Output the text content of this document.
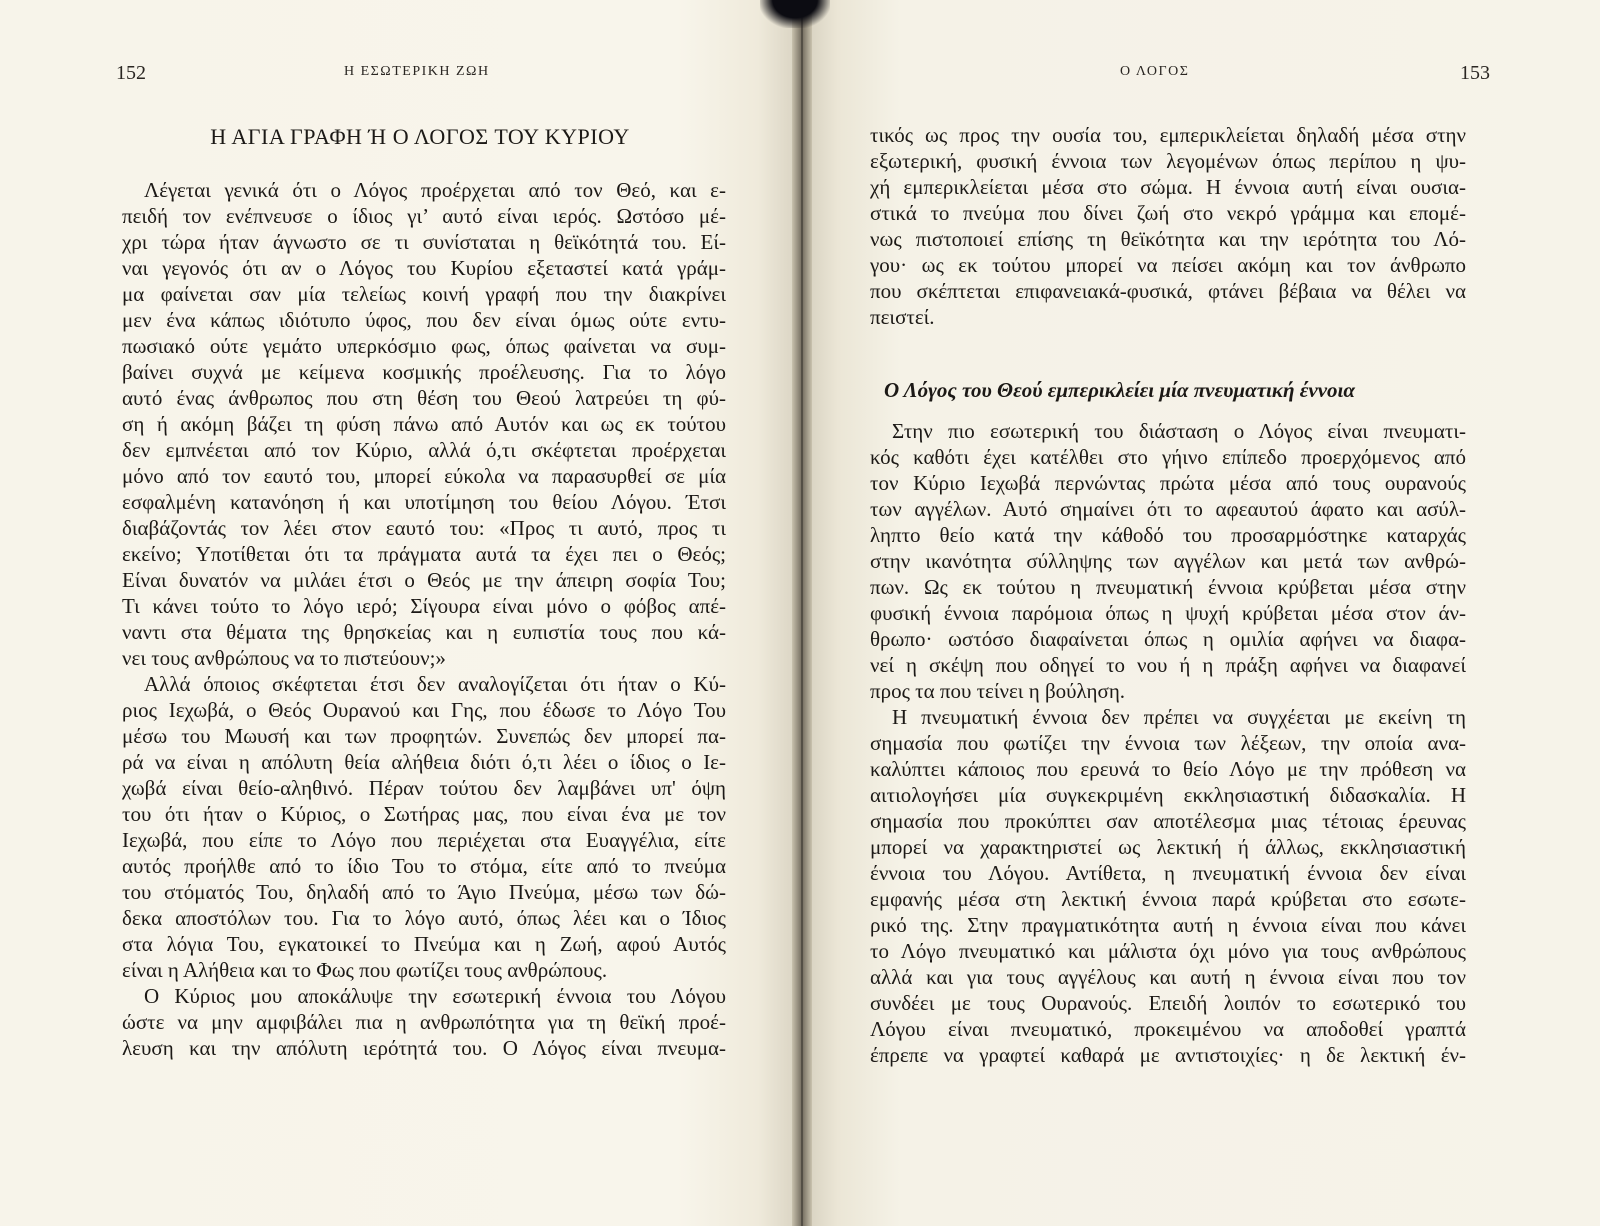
152	Η ΕΣΩΤΕΡΙΚΗ ΖΩΗ
Η ΑΓΙΑ ΓΡΑΦΗ Ή Ο ΛΟΓΟΣ ΤΟΥ ΚΥΡΙΟΥ
Λέγεται γενικά ότι ο Λόγος προέρχεται από τον Θεό, και ε-
πειδή τον ενέπνευσε ο ίδιος γι’ αυτό είναι ιερός. Ωστόσο μέ-
χρι τώρα ήταν άγνωστο σε τι συνίσταται η θεϊκότητά του. Εί-
ναι γεγονός ότι αν ο Λόγος του Κυρίου εξεταστεί κατά γράμ-
μα φαίνεται σαν μία τελείως κοινή γραφή που την διακρίνει
μεν ένα κάπως ιδιότυπο ύφος, που δεν είναι όμως ούτε εντυ-
πωσιακό ούτε γεμάτο υπερκόσμιο φως, όπως φαίνεται να συμ-
βαίνει συχνά με κείμενα κοσμικής προέλευσης. Για το λόγο
αυτό ένας άνθρωπος που στη θέση του Θεού λατρεύει τη φύ-
ση ή ακόμη βάζει τη φύση πάνω από Αυτόν και ως εκ τούτου
δεν εμπνέεται από τον Κύριο, αλλά ό,τι σκέφτεται προέρχεται
μόνο από τον εαυτό του, μπορεί εύκολα να παρασυρθεί σε μία
εσφαλμένη κατανόηση ή και υποτίμηση του θείου Λόγου. Έτσι
διαβάζοντάς τον λέει στον εαυτό του: «Προς τι αυτό, προς τι
εκείνο; Υποτίθεται ότι τα πράγματα αυτά τα έχει πει ο Θεός;
Είναι δυνατόν να μιλάει έτσι ο Θεός με την άπειρη σοφία Του;
Τι κάνει τούτο το λόγο ιερό; Σίγουρα είναι μόνο ο φόβος απέ-
ναντι στα θέματα της θρησκείας και η ευπιστία τους που κά-
νει τους ανθρώπους να το πιστεύουν;»
Αλλά όποιος σκέφτεται έτσι δεν αναλογίζεται ότι ήταν ο Κύ-
ριος Ιεχωβά, ο Θεός Ουρανού και Γης, που έδωσε το Λόγο Του
μέσω του Μωυσή και των προφητών. Συνεπώς δεν μπορεί πα-
ρά να είναι η απόλυτη θεία αλήθεια διότι ό,τι λέει ο ίδιος ο Ιε-
χωβά είναι θείο-αληθινό. Πέραν τούτου δεν λαμβάνει υπ' όψη
του ότι ήταν ο Κύριος, ο Σωτήρας μας, που είναι ένα με τον
Ιεχωβά, που είπε το Λόγο που περιέχεται στα Ευαγγέλια, είτε
αυτός προήλθε από το ίδιο Του το στόμα, είτε από το πνεύμα
του στόματός Του, δηλαδή από το Άγιο Πνεύμα, μέσω των δώ-
δεκα αποστόλων του. Για το λόγο αυτό, όπως λέει και ο Ίδιος
στα λόγια Του, εγκατοικεί το Πνεύμα και η Ζωή, αφού Αυτός
είναι η Αλήθεια και το Φως που φωτίζει τους ανθρώπους.
Ο Κύριος μου αποκάλυψε την εσωτερική έννοια του Λόγου
ώστε να μην αμφιβάλει πια η ανθρωπότητα για τη θεϊκή προέ-
λευση και την απόλυτη ιερότητά του. Ο Λόγος είναι πνευμα-
Ο ΛΟΓΟΣ	153
τικός ως προς την ουσία του, εμπερικλείεται δηλαδή μέσα στην
εξωτερική, φυσική έννοια των λεγομένων όπως περίπου η ψυ-
χή εμπερικλείεται μέσα στο σώμα. Η έννοια αυτή είναι ουσια-
στικά το πνεύμα που δίνει ζωή στο νεκρό γράμμα και επομέ-
νως πιστοποιεί επίσης τη θεϊκότητα και την ιερότητα του Λό-
γου· ως εκ τούτου μπορεί να πείσει ακόμη και τον άνθρωπο
που σκέπτεται επιφανειακά-φυσικά, φτάνει βέβαια να θέλει να
πειστεί.
Ο Λόγος του Θεού εμπερικλείει μία πνευματική έννοια
Στην πιο εσωτερική του διάσταση ο Λόγος είναι πνευματι-
κός καθότι έχει κατέλθει στο γήινο επίπεδο προερχόμενος από
τον Κύριο Ιεχωβά περνώντας πρώτα μέσα από τους ουρανούς
των αγγέλων. Αυτό σημαίνει ότι το αφεαυτού άφατο και ασύλ-
ληπτο θείο κατά την κάθοδό του προσαρμόστηκε καταρχάς
στην ικανότητα σύλληψης των αγγέλων και μετά των ανθρώ-
πων. Ως εκ τούτου η πνευματική έννοια κρύβεται μέσα στην
φυσική έννοια παρόμοια όπως η ψυχή κρύβεται μέσα στον άν-
θρωπο· ωστόσο διαφαίνεται όπως η ομιλία αφήνει να διαφα-
νεί η σκέψη που οδηγεί το νου ή η πράξη αφήνει να διαφανεί
προς τα που τείνει η βούληση.
Η πνευματική έννοια δεν πρέπει να συγχέεται με εκείνη τη
σημασία που φωτίζει την έννοια των λέξεων, την οποία ανα-
καλύπτει κάποιος που ερευνά το θείο Λόγο με την πρόθεση να
αιτιολογήσει μία συγκεκριμένη εκκλησιαστική διδασκαλία. Η
σημασία που προκύπτει σαν αποτέλεσμα μιας τέτοιας έρευνας
μπορεί να χαρακτηριστεί ως λεκτική ή άλλως, εκκλησιαστική
έννοια του Λόγου. Αντίθετα, η πνευματική έννοια δεν είναι
εμφανής μέσα στη λεκτική έννοια παρά κρύβεται στο εσωτε-
ρικό της. Στην πραγματικότητα αυτή η έννοια είναι που κάνει
το Λόγο πνευματικό και μάλιστα όχι μόνο για τους ανθρώπους
αλλά και για τους αγγέλους και αυτή η έννοια είναι που τον
συνδέει με τους Ουρανούς. Επειδή λοιπόν το εσωτερικό του
Λόγου είναι πνευματικό, προκειμένου να αποδοθεί γραπτά
έπρεπε να γραφτεί καθαρά με αντιστοιχίες· η δε λεκτική έν-
